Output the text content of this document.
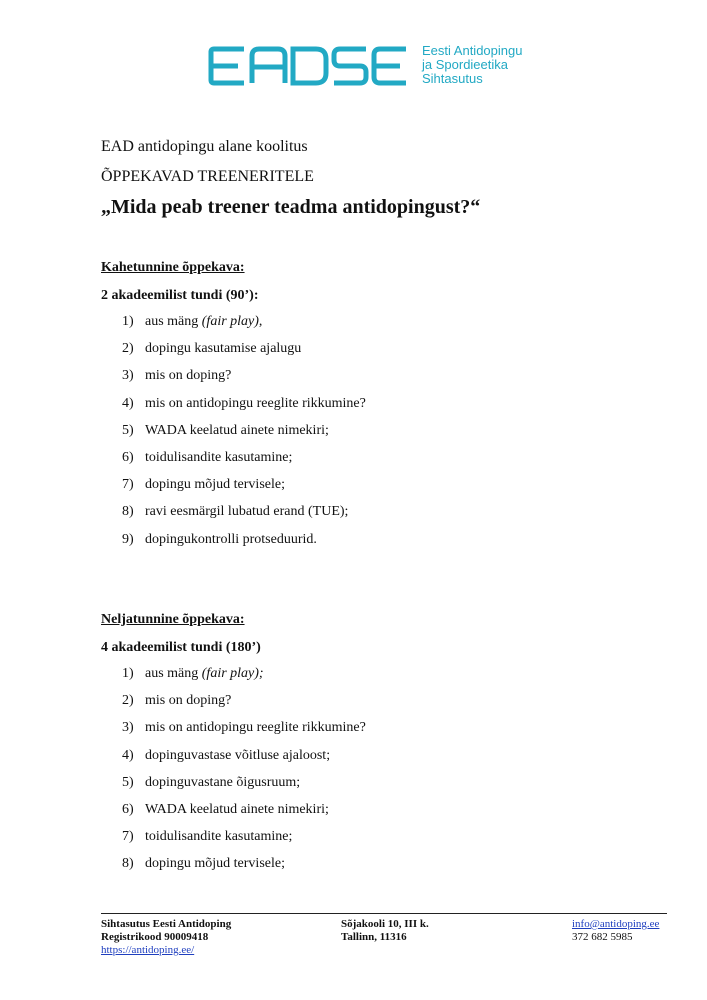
Eesti Antidopingu
ja Spordieetika
Sihtasutus
EAD antidopingu alane koolitus
ÕPPEKAVAD TREENERITELE
„Mida peab treener teadma antidopingust?“
Kahetunnine õppekava:
2 akadeemilist tundi (90’):
1) aus mäng (fair play),
2) dopingu kasutamise ajalugu
3) mis on doping?
4) mis on antidopingu reeglite rikkumine?
5) WADA keelatud ainete nimekiri;
6) toidulisandite kasutamine;
7) dopingu mõjud tervisele;
8) ravi eesmärgil lubatud erand (TUE);
9) dopingukontrolli protseduurid.
Neljatunnine õppekava:
4 akadeemilist tundi (180’)
1) aus mäng (fair play);
2) mis on doping?
3) mis on antidopingu reeglite rikkumine?
4) dopinguvastase võitluse ajaloost;
5) dopinguvastane õigusruum;
6) WADA keelatud ainete nimekiri;
7) toidulisandite kasutamine;
8) dopingu mõjud tervisele;
Sihtasutus Eesti Antidoping
Registrikood 90009418
https://antidoping.ee/
Sõjakooli 10, III k.
Tallinn, 11316
info@antidoping.ee
372 682 5985
